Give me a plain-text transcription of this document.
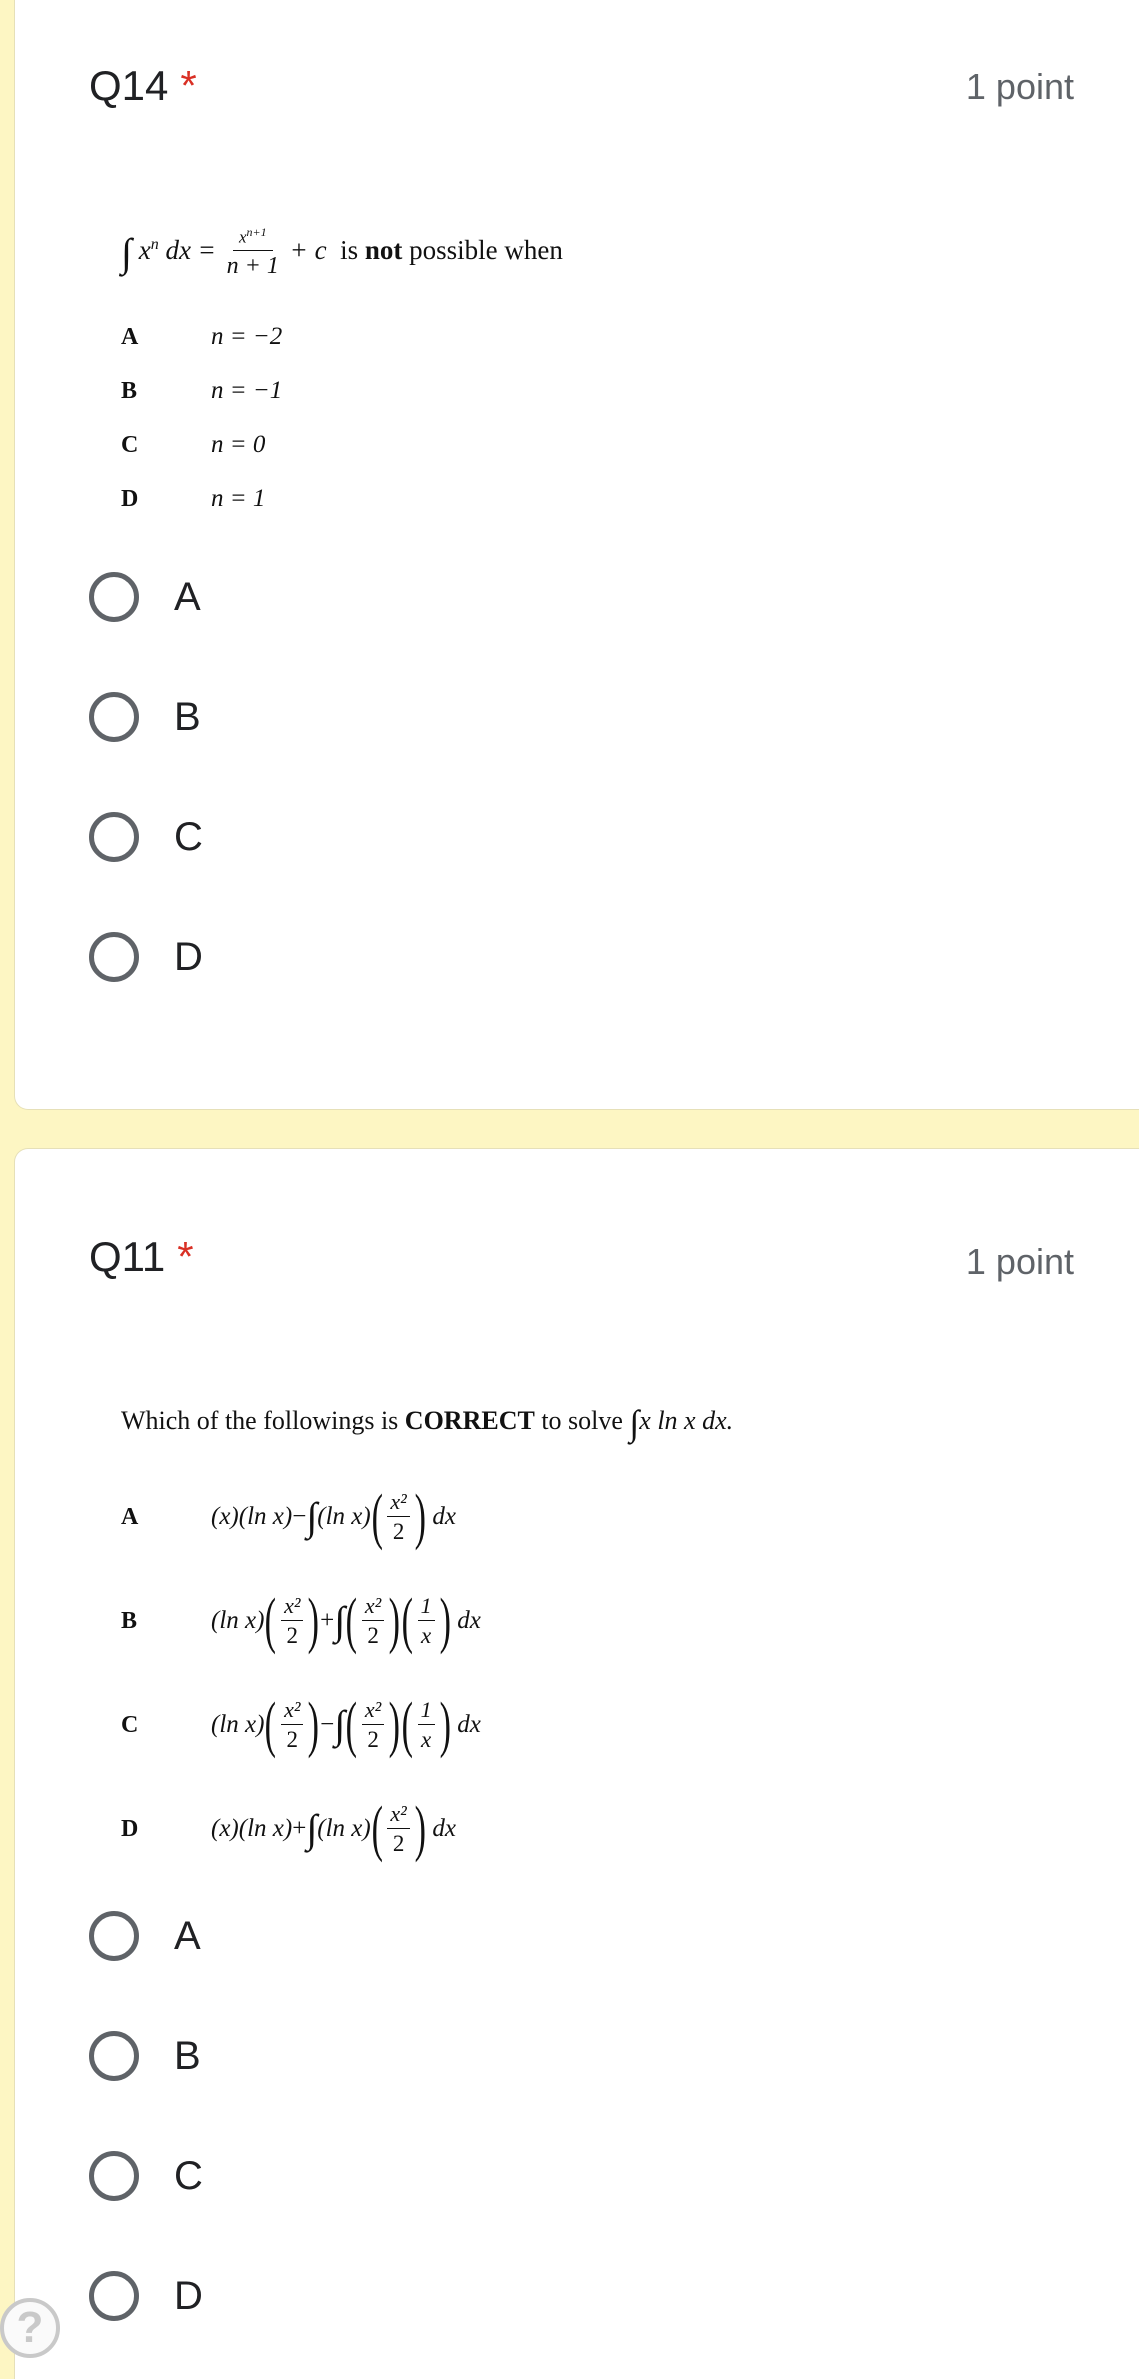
Q14 *	1 point
∫ $x^n$ dx = $\frac{x^{n+1}}{n + 1} + c$ is not possible when
A	n = −2
B	n = −1
C	n = 0
D	n = 1
A
B
C
D
Q11 *	1 point
Which of the followings is CORRECT to solve ∫x ln x dx.
A	(x)(ln x) − ∫ (ln x) ( $\frac{\text{x²}}{2}$ ) dx
B	(ln x) ( $\frac{\text{x²}}{2}$ ) + ∫ ( $\frac{\text{x²}}{2}$ ) ( $\frac{1}{x}$ ) dx
C	(ln x) ( $\frac{\text{x²}}{2}$ ) − ∫ ( $\frac{\text{x²}}{2}$ ) ( $\frac{1}{x}$ ) dx
D	(x)(ln x) + ∫ (ln x) ( $\frac{\text{x²}}{2}$ ) dx
A
B
C
D
?
